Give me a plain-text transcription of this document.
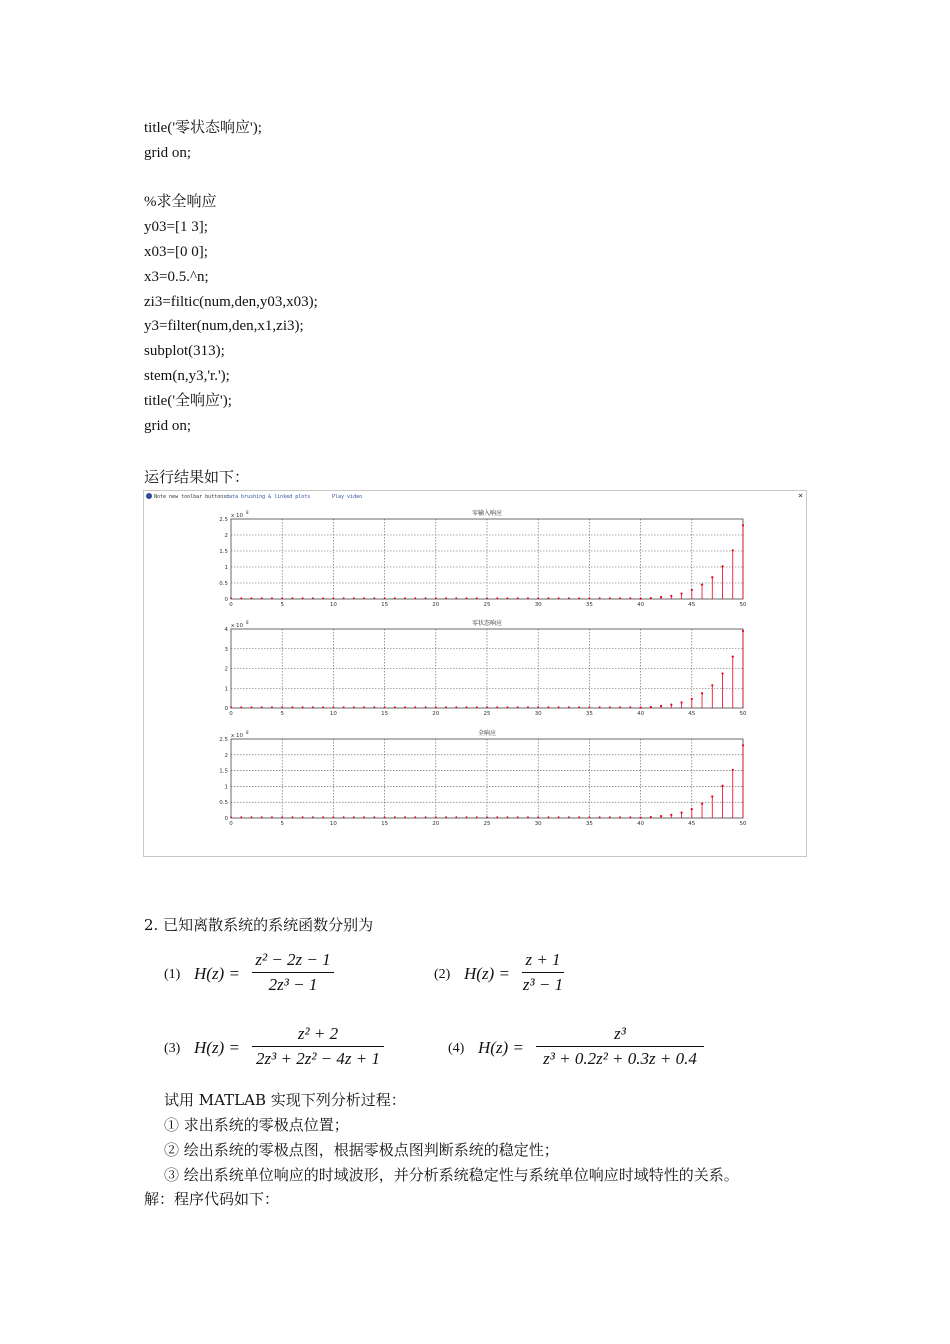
title('零状态响应');
grid on;
%求全响应
y03=[1 3];
x03=[0 0];
x3=0.5.^n;
zi3=filtic(num,den,y03,x03);
y3=filter(num,den,x1,zi3);
subplot(313);
stem(n,y3,'r.');
title('全响应');
grid on;
运行结果如下：
Note new toolbar buttons:
data brushing & linked plots	Play video	×
0	5	10	15	20	25	30	35	40	45	50
0
0.5
1
1.5
2
2.5
x 10
8	零输入响应
0	5	10	15	20	25	30	35	40	45	50
0
1
2
3
4
x 10
8	零状态响应
0	5	10	15	20	25	30	35	40	45	50
0
0.5
1
1.5
2
2.5
x 10
8	全响应
2. 已知离散系统的系统函数分别为
(1) H(z) =
z² − 2z − 1
2z³ − 1
(2) H(z) =
z + 1
z³ − 1
(3) H(z) =
z² + 2
2z³ + 2z² − 4z + 1
(4) H(z) =
z³
z³ + 0.2z² + 0.3z + 0.4
试用 MATLAB 实现下列分析过程：
① 求出系统的零极点位置；
② 绘出系统的零极点图，根据零极点图判断系统的稳定性；
③ 绘出系统单位响应的时域波形，并分析系统稳定性与系统单位响应时域特性的关系。
解：程序代码如下：
